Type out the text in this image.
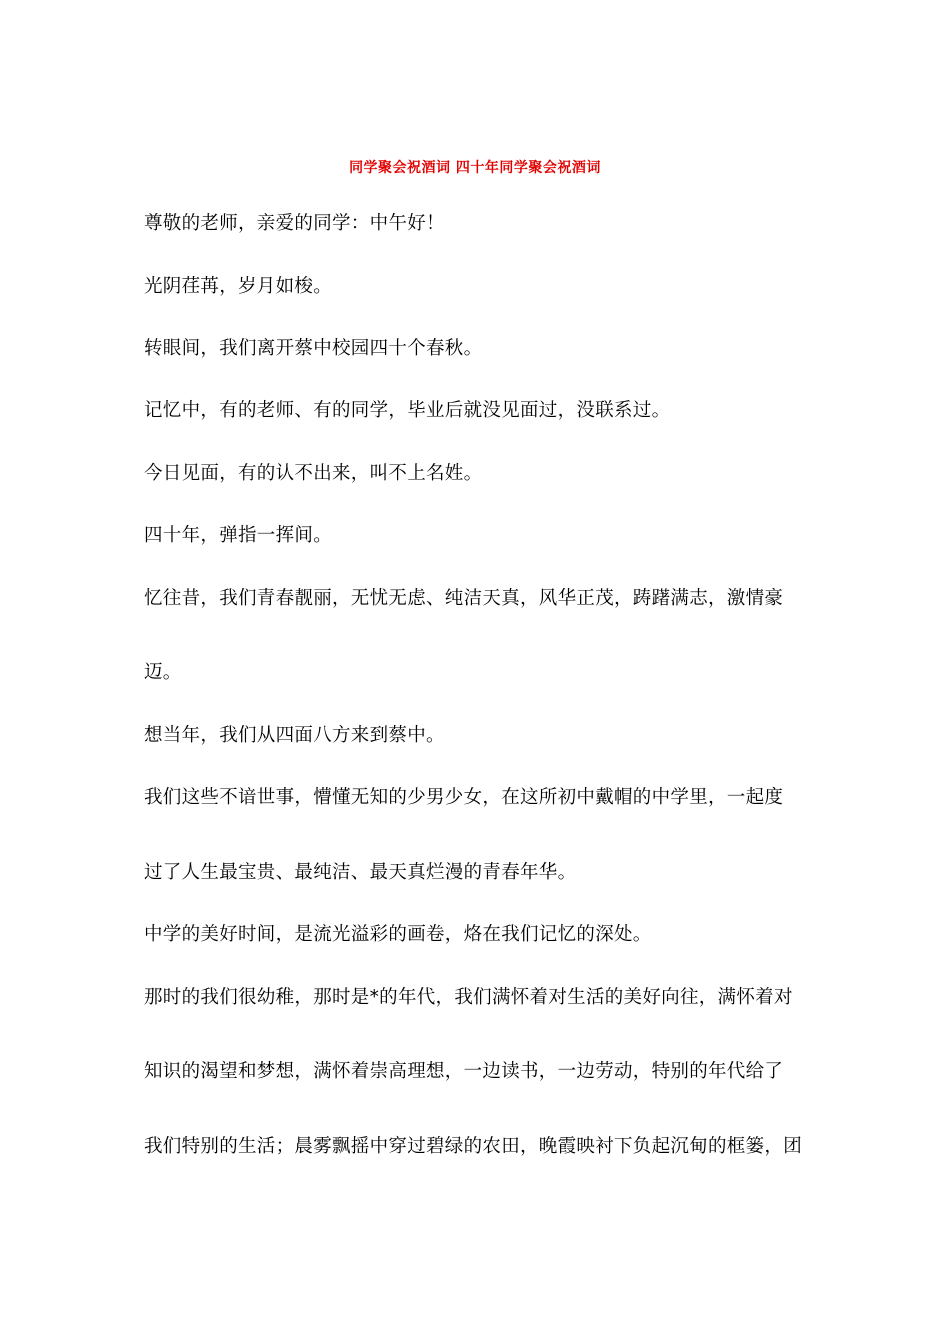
同学聚会祝酒词 四十年同学聚会祝酒词
尊敬的老师，亲爱的同学：中午好！
光阴荏苒，岁月如梭。
转眼间，我们离开蔡中校园四十个春秋。
记忆中，有的老师、有的同学，毕业后就没见面过，没联系过。
今日见面，有的认不出来，叫不上名姓。
四十年，弹指一挥间。
忆往昔，我们青春靓丽，无忧无虑、纯洁天真，风华正茂，踌躇满志，激情豪
迈。
想当年，我们从四面八方来到蔡中。
我们这些不谙世事，懵懂无知的少男少女，在这所初中戴帽的中学里，一起度
过了人生最宝贵、最纯洁、最天真烂漫的青春年华。
中学的美好时间，是流光溢彩的画卷，烙在我们记忆的深处。
那时的我们很幼稚，那时是*的年代，我们满怀着对生活的美好向往，满怀着对
知识的渴望和梦想，满怀着崇高理想，一边读书，一边劳动，特别的年代给了
我们特别的生活；晨雾飘摇中穿过碧绿的农田，晚霞映衬下负起沉甸的框篓，团
